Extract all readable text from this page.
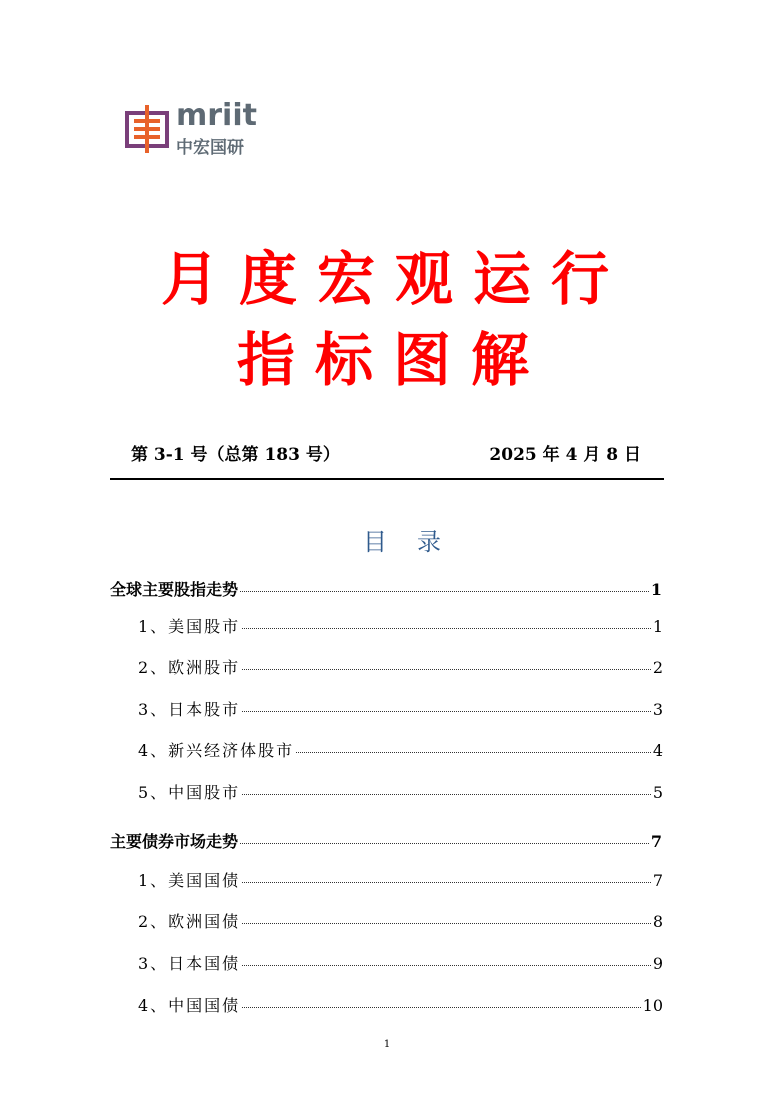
mriit
中宏国研
月度宏观运行
指标图解
第 3-1 号（总第 183 号）	2025 年 4 月 8 日
目录
全球主要股指走势	1
1、美国股市	1
2、欧洲股市	2
3、日本股市	3
4、新兴经济体股市	4
5、中国股市	5
主要债券市场走势	7
1、美国国债	7
2、欧洲国债	8
3、日本国债	9
4、中国国债	10
1
